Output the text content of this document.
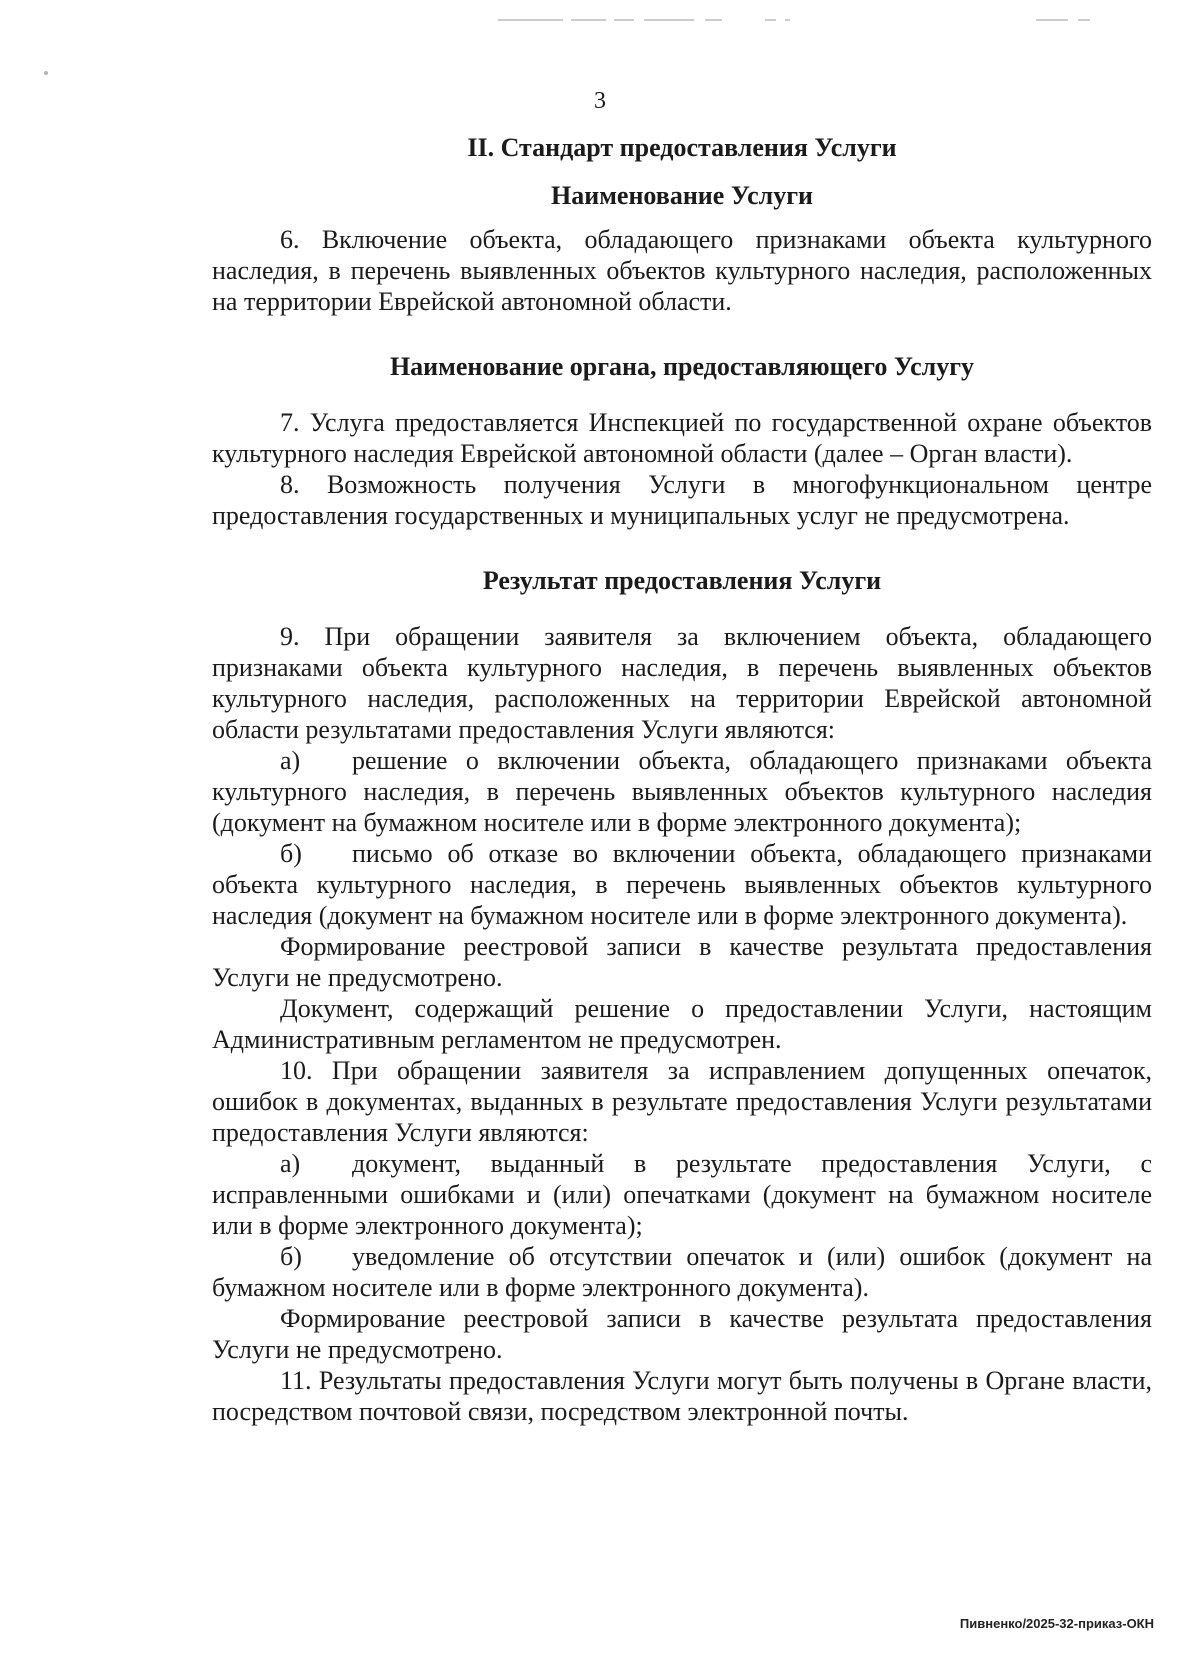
3
II. Стандарт предоставления Услуги
Наименование Услуги

6. Включение объекта, обладающего признаками объекта культурного наследия, в перечень выявленных объектов культурного наследия, расположенных на территории Еврейской автономной области.

Наименование органа, предоставляющего Услугу

7. Услуга предоставляется Инспекцией по государственной охране объектов культурного наследия Еврейской автономной области (далее – Орган власти).

8. Возможность получения Услуги в многофункциональном центре предоставления государственных и муниципальных услуг не предусмотрена.

Результат предоставления Услуги

9. При обращении заявителя за включением объекта, обладающего признаками объекта культурного наследия, в перечень выявленных объектов культурного наследия, расположенных на территории Еврейской автономной области результатами предоставления Услуги являются:

а) решение о включении объекта, обладающего признаками объекта культурного наследия, в перечень выявленных объектов культурного наследия (документ на бумажном носителе или в форме электронного документа);
б) письмо об отказе во включении объекта, обладающего признаками объекта культурного наследия, в перечень выявленных объектов культурного наследия (документ на бумажном носителе или в форме электронного документа).

Формирование реестровой записи в качестве результата предоставления Услуги не предусмотрено.

Документ, содержащий решение о предоставлении Услуги, настоящим Административным регламентом не предусмотрен.

10. При обращении заявителя за исправлением допущенных опечаток, ошибок в документах, выданных в результате предоставления Услуги результатами предоставления Услуги являются:

а) документ, выданный в результате предоставления Услуги, с исправленными ошибками и (или) опечатками (документ на бумажном носителе или в форме электронного документа);
б) уведомление об отсутствии опечаток и (или) ошибок (документ на бумажном носителе или в форме электронного документа).

Формирование реестровой записи в качестве результата предоставления Услуги не предусмотрено.

11. Результаты предоставления Услуги могут быть получены в Органе власти, посредством почтовой связи, посредством электронной почты.

Пивненко/2025-32-приказ-ОКН
